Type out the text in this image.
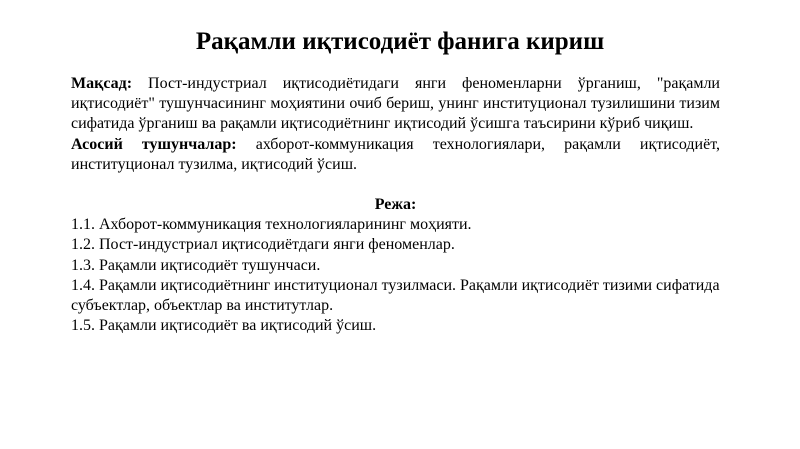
Рақамли иқтисодиёт фанига кириш

Мақсад: Пост-индустриал иқтисодиётидаги янги феноменларни ўрганиш, "рақамли иқтисодиёт" тушунчасининг моҳиятини очиб бериш, унинг институционал тузилишини тизим сифатида ўрганиш ва рақамли иқтисодиётнинг иқтисодий ўсишга таъсирини кўриб чиқиш.

Асосий тушунчалар: ахборот-коммуникация технологиялари, рақамли иқтисодиёт, институционал тузилма, иқтисодий ўсиш.

Режа:

1.1. Ахборот-коммуникация технологияларининг моҳияти.
1.2. Пост-индустриал иқтисодиётдаги янги феноменлар.
1.3. Рақамли иқтисодиёт тушунчаси.
1.4. Рақамли иқтисодиётнинг институционал тузилмаси. Рақамли иқтисодиёт тизими сифатида субъектлар, объектлар ва институтлар.
1.5. Рақамли иқтисодиёт ва иқтисодий ўсиш.
